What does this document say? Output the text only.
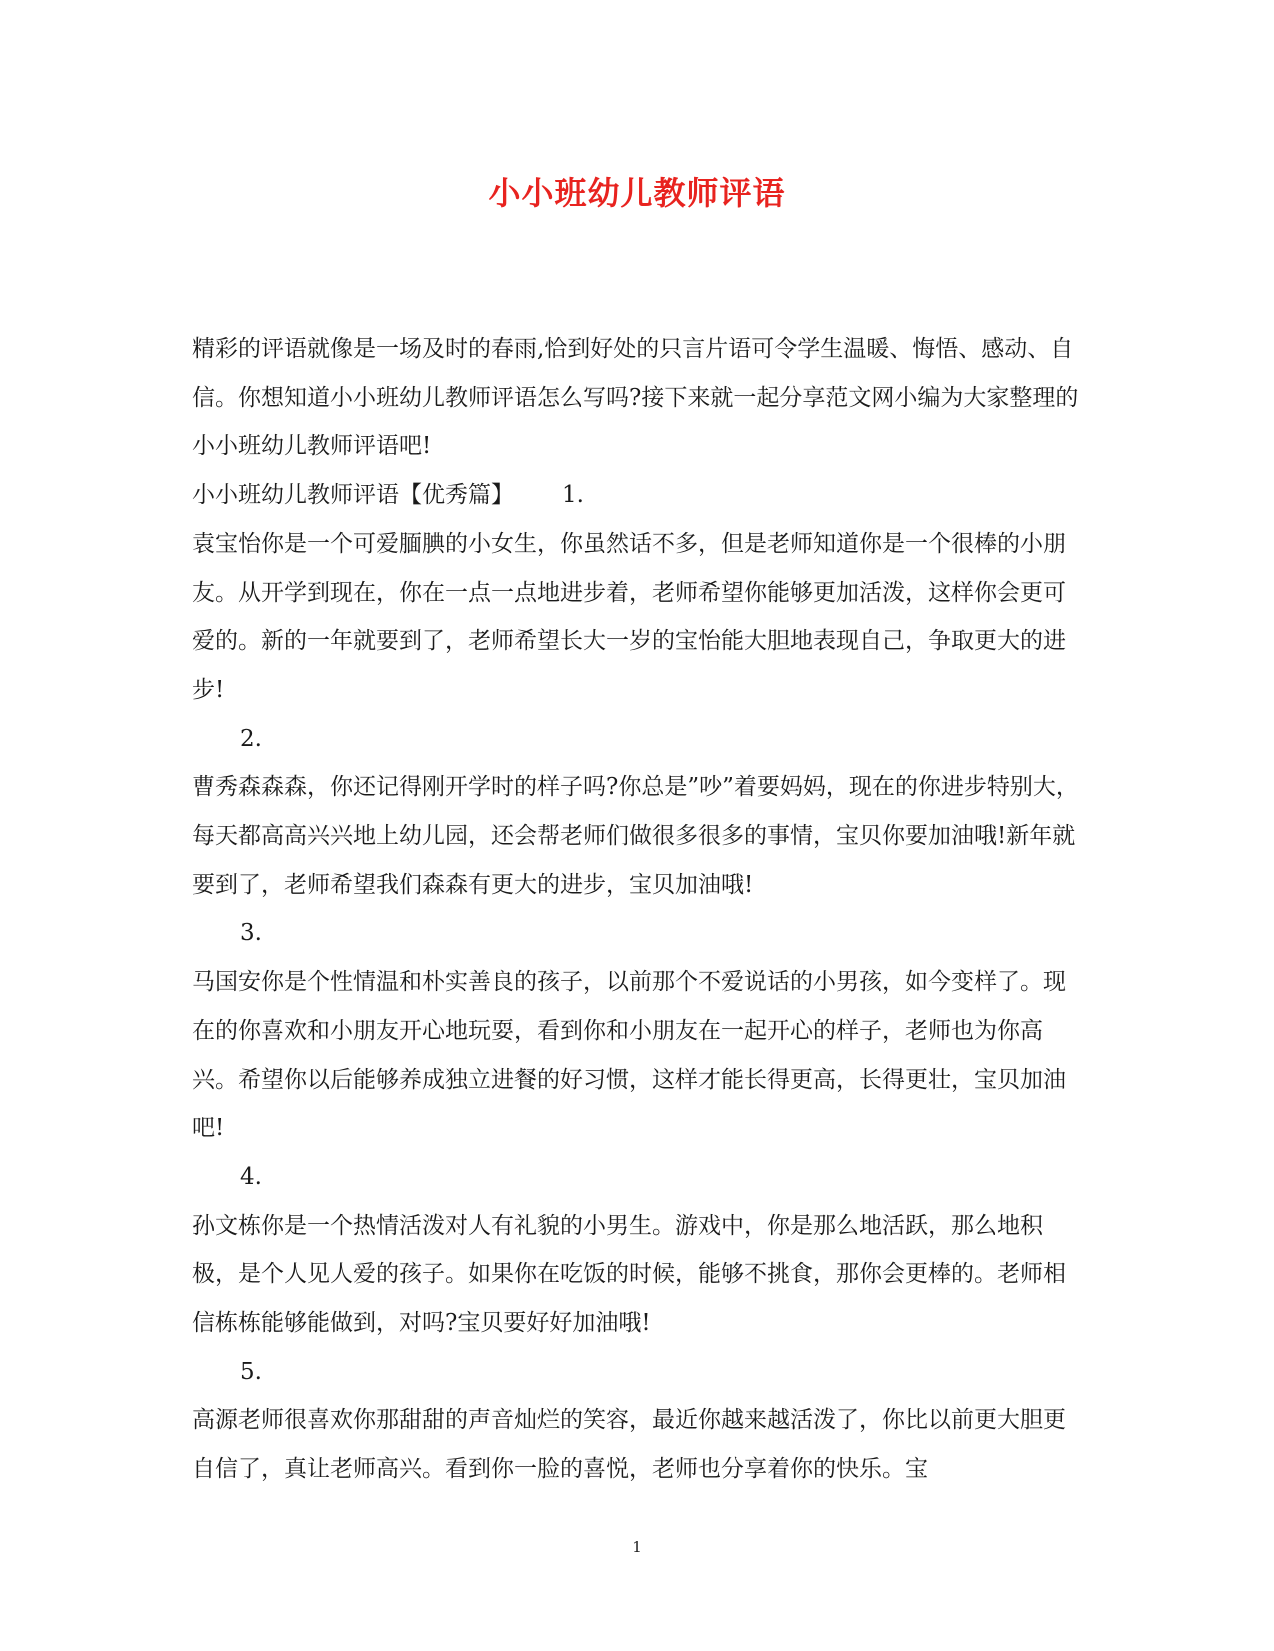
小小班幼儿教师评语

精彩的评语就像是一场及时的春雨,恰到好处的只言片语可令学生温暖、悔悟、感动、自信。你想知道小小班幼儿教师评语怎么写吗?接下来就一起分享范文网小编为大家整理的小小班幼儿教师评语吧!

小小班幼儿教师评语【优秀篇】 1.

袁宝怡你是一个可爱腼腆的小女生，你虽然话不多，但是老师知道你是一个很棒的小朋友。从开学到现在，你在一点一点地进步着，老师希望你能够更加活泼，这样你会更可爱的。新的一年就要到了，老师希望长大一岁的宝怡能大胆地表现自己，争取更大的进步!

2.

曹秀森森森，你还记得刚开学时的样子吗?你总是”吵”着要妈妈，现在的你进步特别大，每天都高高兴兴地上幼儿园，还会帮老师们做很多很多的事情，宝贝你要加油哦!新年就要到了，老师希望我们森森有更大的进步，宝贝加油哦!

3.

马国安你是个性情温和朴实善良的孩子，以前那个不爱说话的小男孩，如今变样了。现在的你喜欢和小朋友开心地玩耍，看到你和小朋友在一起开心的样子，老师也为你高兴。希望你以后能够养成独立进餐的好习惯，这样才能长得更高，长得更壮，宝贝加油吧!

4.

孙文栋你是一个热情活泼对人有礼貌的小男生。游戏中，你是那么地活跃，那么地积极，是个人见人爱的孩子。如果你在吃饭的时候，能够不挑食，那你会更棒的。老师相信栋栋能够能做到，对吗?宝贝要好好加油哦!

5.

高源老师很喜欢你那甜甜的声音灿烂的笑容，最近你越来越活泼了，你比以前更大胆更自信了，真让老师高兴。看到你一脸的喜悦，老师也分享着你的快乐。宝

1
